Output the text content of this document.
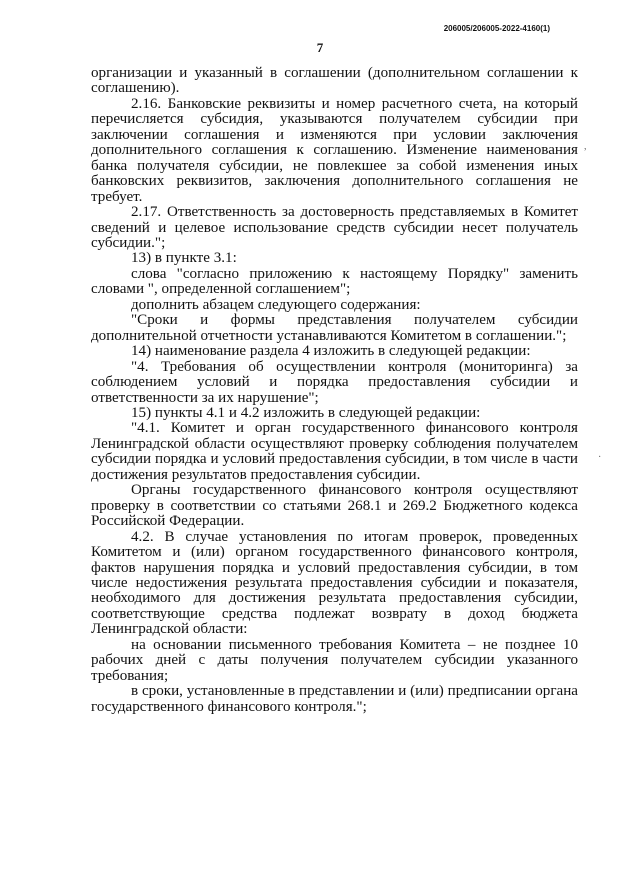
206005/206005-2022-4160(1)
7

организации и указанный в соглашении (дополнительном соглашении к соглашению).

2.16. Банковские реквизиты и номер расчетного счета, на который перечисляется субсидия, указываются получателем субсидии при заключении соглашения и изменяются при условии заключения дополнительного соглашения к соглашению. Изменение наименования банка получателя субсидии, не повлекшее за собой изменения иных банковских реквизитов, заключения дополнительного соглашения не требует.

2.17. Ответственность за достоверность представляемых в Комитет сведений и целевое использование средств субсидии несет получатель субсидии.";

13) в пункте 3.1:

слова "согласно приложению к настоящему Порядку" заменить словами ", определенной соглашением";

дополнить абзацем следующего содержания:

"Сроки и формы представления получателем субсидии дополнительной отчетности устанавливаются Комитетом в соглашении.";

14) наименование раздела 4 изложить в следующей редакции:

"4. Требования об осуществлении контроля (мониторинга) за соблюдением условий и порядка предоставления субсидии и ответственности за их нарушение";

15) пункты 4.1 и 4.2 изложить в следующей редакции:

"4.1. Комитет и орган государственного финансового контроля Ленинградской области осуществляют проверку соблюдения получателем субсидии порядка и условий предоставления субсидии, в том числе в части достижения результатов предоставления субсидии.

Органы государственного финансового контроля осуществляют проверку в соответствии со статьями 268.1 и 269.2 Бюджетного кодекса Российской Федерации.

4.2. В случае установления по итогам проверок, проведенных Комитетом и (или) органом государственного финансового контроля, фактов нарушения порядка и условий предоставления субсидии, в том числе недостижения результата предоставления субсидии и показателя, необходимого для достижения результата предоставления субсидии, соответствующие средства подлежат возврату в доход бюджета Ленинградской области:

на основании письменного требования Комитета – не позднее 10 рабочих дней с даты получения получателем субсидии указанного требования;

в сроки, установленные в представлении и (или) предписании органа государственного финансового контроля.";

,
·
